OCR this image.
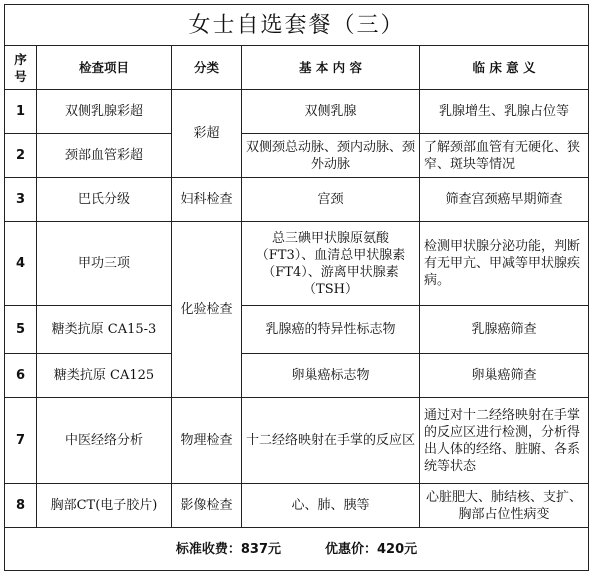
女士自选套餐（三）				
序号	检查项目	分类	基 本 内 容	临 床 意 义
1	双侧乳腺彩超	彩超	双侧乳腺	乳腺增生、乳腺占位等
2	颈部血管彩超		双侧颈总动脉、颈内动脉、颈外动脉	了解颈部血管有无硬化、狭窄、斑块等情况
3	巴氏分级	妇科检查	宫颈	筛查宫颈癌早期筛查
4	甲功三项	化验检查	总三碘甲状腺原氨酸（FT3）、血清总甲状腺素（FT4）、游离甲状腺素（TSH）	检测甲状腺分泌功能，判断有无甲亢、甲减等甲状腺疾病。
5	糖类抗原 CA15-3		乳腺癌的特异性标志物	乳腺癌筛查
6	糖类抗原 CA125		卵巢癌标志物	卵巢癌筛查
7	中医经络分析	物理检查	十二经络映射在手掌的反应区	通过对十二经络映射在手掌的反应区进行检测，分析得出人体的经络、脏腑、各系统等状态
8	胸部CT(电子胶片)	影像检查	心、肺、胰等	心脏肥大、肺结核、支扩、胸部占位性病变
标准收费：837元 优惠价：420元				
